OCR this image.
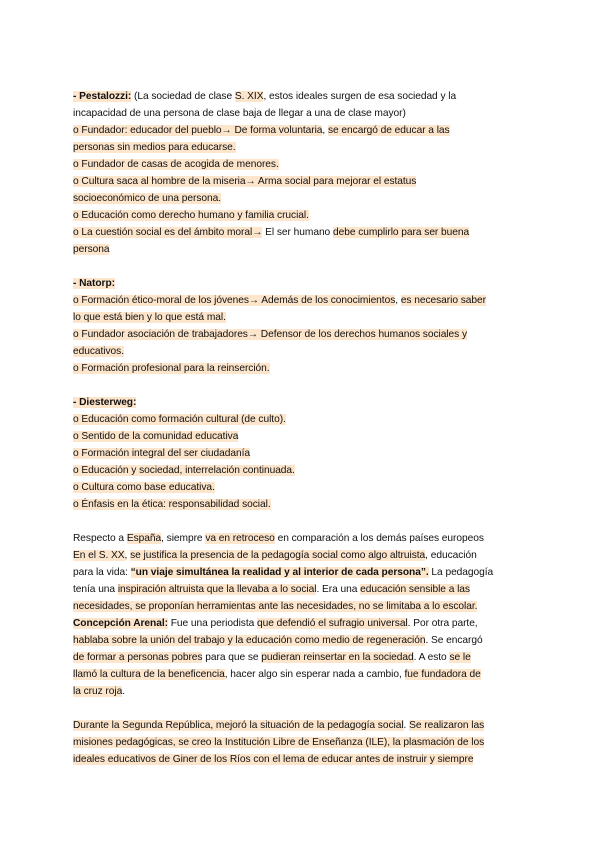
- Pestalozzi: (La sociedad de clase S. XIX, estos ideales surgen de esa sociedad y la
incapacidad de una persona de clase baja de llegar a una de clase mayor)
o Fundador: educador del pueblo→ De forma voluntaria, se encargó de educar a las
personas sin medios para educarse.
o Fundador de casas de acogida de menores.
o Cultura saca al hombre de la miseria→ Arma social para mejorar el estatus
socioeconómico de una persona.
o Educación como derecho humano y familia crucial.
o La cuestión social es del ámbito moral→ El ser humano debe cumplirlo para ser buena
persona
- Natorp:
o Formación ético-moral de los jóvenes→ Además de los conocimientos, es necesario saber
lo que está bien y lo que está mal.
o Fundador asociación de trabajadores→ Defensor de los derechos humanos sociales y
educativos.
o Formación profesional para la reinserción.
- Diesterweg:
o Educación como formación cultural (de culto).
o Sentido de la comunidad educativa
o Formación integral del ser ciudadanía
o Educación y sociedad, interrelación continuada.
o Cultura como base educativa.
o Énfasis en la ética: responsabilidad social.
Respecto a España, siempre va en retroceso en comparación a los demás países europeos
En el S. XX, se justifica la presencia de la pedagogía social como algo altruista, educación
para la vida: “un viaje simultánea la realidad y al interior de cada persona”. La pedagogía
tenía una inspiración altruista que la llevaba a lo social. Era una educación sensible a las
necesidades, se proponían herramientas ante las necesidades, no se limitaba a lo escolar.
Concepción Arenal: Fue una periodista que defendió el sufragio universal. Por otra parte,
hablaba sobre la unión del trabajo y la educación como medio de regeneración. Se encargó
de formar a personas pobres para que se pudieran reinsertar en la sociedad. A esto se le
llamó la cultura de la beneficencia, hacer algo sin esperar nada a cambio, fue fundadora de
la cruz roja.
Durante la Segunda República, mejoró la situación de la pedagogía social. Se realizaron las
misiones pedagógicas, se creo la Institución Libre de Enseñanza (ILE), la plasmación de los
ideales educativos de Giner de los Ríos con el lema de educar antes de instruir y siempre
